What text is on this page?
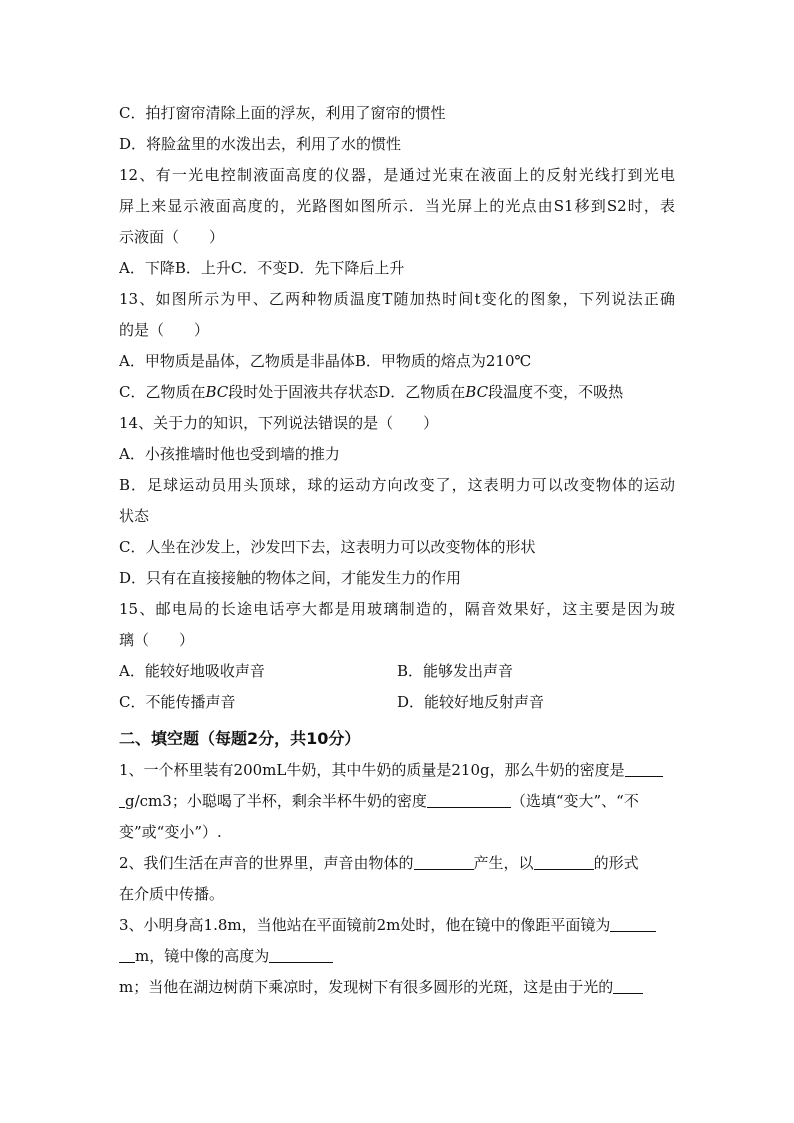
C．拍打窗帘清除上面的浮灰，利用了窗帘的惯性
D．将脸盆里的水泼出去，利用了水的惯性
12、有一光电控制液面高度的仪器，是通过光束在液面上的反射光线打到光电
屏上来显示液面高度的，光路图如图所示．当光屏上的光点由S1移到S2时，表
示液面（　　）
A．下降B．上升C．不变D．先下降后上升
13、如图所示为甲、乙两种物质温度T随加热时间t变化的图象，下列说法正确
的是（　　）
A．甲物质是晶体，乙物质是非晶体B．甲物质的熔点为210℃
C．乙物质在BC段时处于固液共存状态D．乙物质在BC段温度不变，不吸热
14、关于力的知识，下列说法错误的是（　　）
A．小孩推墙时他也受到墙的推力
B．足球运动员用头顶球，球的运动方向改变了，这表明力可以改变物体的运动
状态
C．人坐在沙发上，沙发凹下去，这表明力可以改变物体的形状
D．只有在直接接触的物体之间，才能发生力的作用
15、邮电局的长途电话亭大都是用玻璃制造的，隔音效果好，这主要是因为玻
璃（　　）
A．能较好地吸收声音	B．能够发出声音
C．不能传播声音	D．能较好地反射声音
二、填空题（每题2分，共10分）
1、一个杯里装有200mL牛奶，其中牛奶的质量是210g，那么牛奶的密度是
g/cm3；小聪喝了半杯，剩余半杯牛奶的密度	（选填“变大”、“不
变”或“变小”）.
2、我们生活在声音的世界里，声音由物体的	产生，以	的形式
在介质中传播。
3、小明身高1.8m，当他站在平面镜前2m处时，他在镜中的像距平面镜为
m，镜中像的高度为
m；当他在湖边树荫下乘凉时，发现树下有很多圆形的光斑，这是由于光的
